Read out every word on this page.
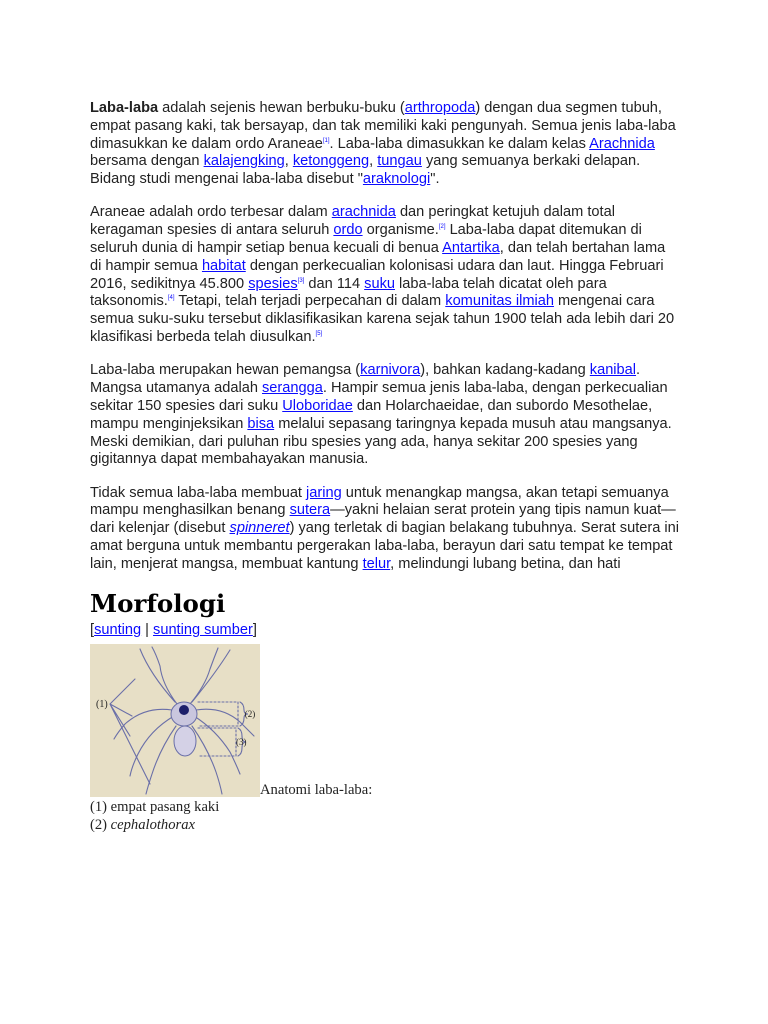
Laba-laba adalah sejenis hewan berbuku-buku (arthropoda) dengan dua segmen tubuh, empat pasang kaki, tak bersayap, dan tak memiliki kaki pengunyah. Semua jenis laba-laba dimasukkan ke dalam ordo Araneae[1]. Laba-laba dimasukkan ke dalam kelas Arachnida bersama dengan kalajengking, ketonggeng, tungau yang semuanya berkaki delapan. Bidang studi mengenai laba-laba disebut "araknologi".

Araneae adalah ordo terbesar dalam arachnida dan peringkat ketujuh dalam total keragaman spesies di antara seluruh ordo organisme.[2] Laba-laba dapat ditemukan di seluruh dunia di hampir setiap benua kecuali di benua Antartika, dan telah bertahan lama di hampir semua habitat dengan perkecualian kolonisasi udara dan laut. Hingga Februari 2016, sedikitnya 45.800 spesies[3] dan 114 suku laba-laba telah dicatat oleh para taksonomis.[4] Tetapi, telah terjadi perpecahan di dalam komunitas ilmiah mengenai cara semua suku-suku tersebut diklasifikasikan karena sejak tahun 1900 telah ada lebih dari 20 klasifikasi berbeda telah diusulkan.[5]

Laba-laba merupakan hewan pemangsa (karnivora), bahkan kadang-kadang kanibal. Mangsa utamanya adalah serangga. Hampir semua jenis laba-laba, dengan perkecualian sekitar 150 spesies dari suku Uloboridae dan Holarchaeidae, dan subordo Mesothelae, mampu menginjeksikan bisa melalui sepasang taringnya kepada musuh atau mangsanya. Meski demikian, dari puluhan ribu spesies yang ada, hanya sekitar 200 spesies yang gigitannya dapat membahayakan manusia.

Tidak semua laba-laba membuat jaring untuk menangkap mangsa, akan tetapi semuanya mampu menghasilkan benang sutera—yakni helaian serat protein yang tipis namun kuat—dari kelenjar (disebut spinneret) yang terletak di bagian belakang tubuhnya. Serat sutera ini amat berguna untuk membantu pergerakan laba-laba, berayun dari satu tempat ke tempat lain, menjerat mangsa, membuat kantung telur, melindungi lubang betina, dan hati

Morfologi
[sunting | sunting sumber]
(1)
(2)
(3)
Anatomi laba-laba:
(1) empat pasang kaki
(2) cephalothorax
